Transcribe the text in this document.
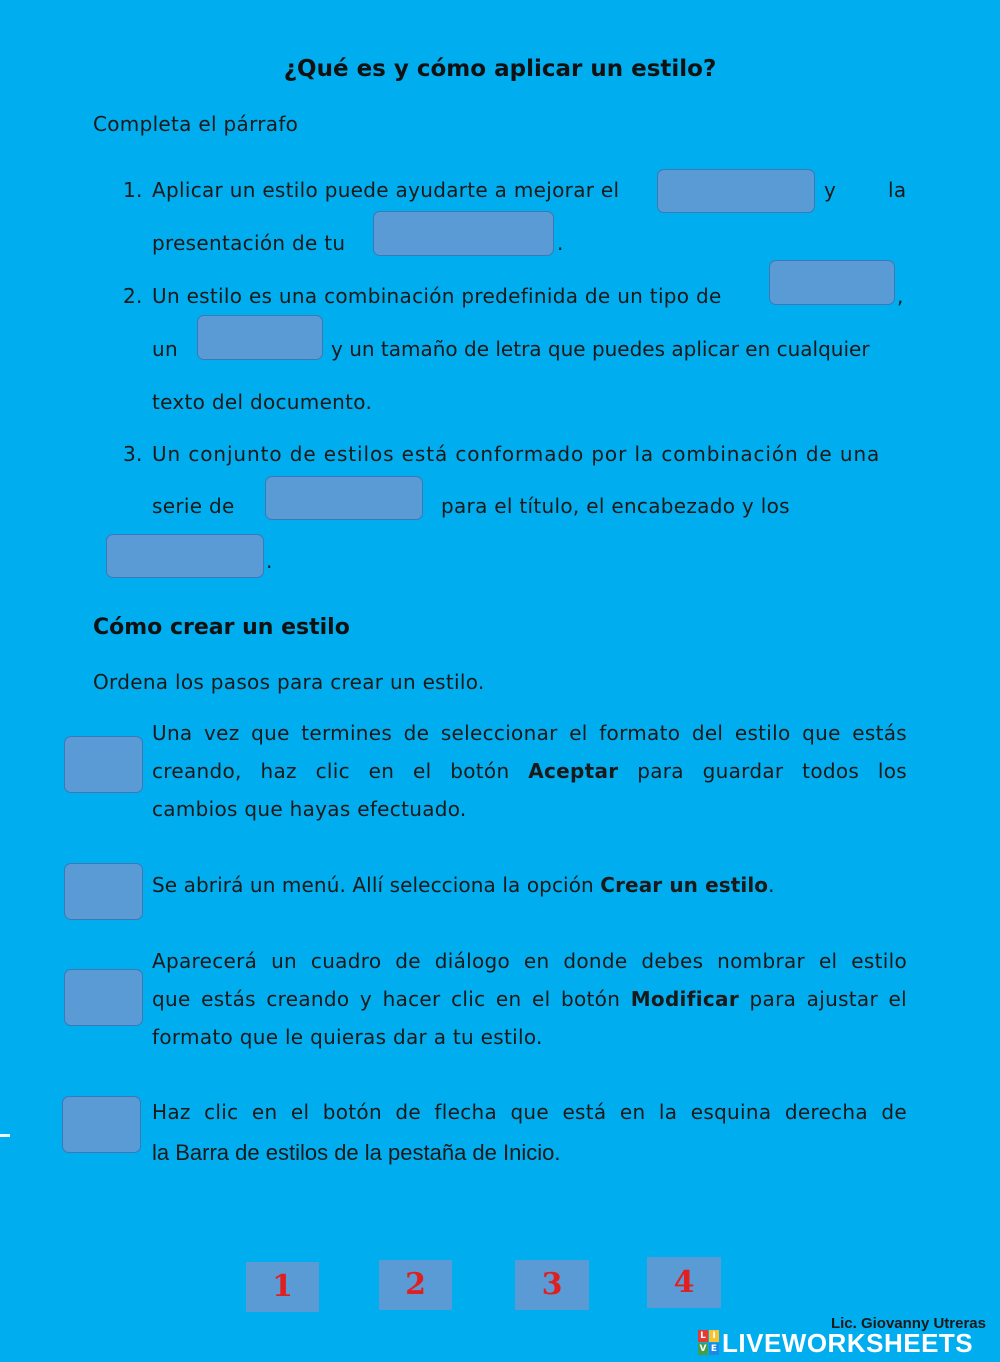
¿Qué es y cómo aplicar un estilo?
Completa el párrafo
1. Aplicar un estilo puede ayudarte a mejorar el	y	la
presentación de tu	.
2. Un estilo es una combinación predefinida de un tipo de	,
un	y un tamaño de letra que puedes aplicar en cualquier
texto del documento.
3. Un conjunto de estilos está conformado por la combinación de una
serie de	para el título, el encabezado y los
.
Cómo crear un estilo
Ordena los pasos para crear un estilo.
Una vez que termines de seleccionar el formato del estilo que estás
creando, haz clic en el botón Aceptar para guardar todos los
cambios que hayas efectuado.
Se abrirá un menú. Allí selecciona la opción Crear un estilo.
Aparecerá un cuadro de diálogo en donde debes nombrar el estilo
que estás creando y hacer clic en el botón Modificar para ajustar el
formato que le quieras dar a tu estilo.
Haz clic en el botón de flecha que está en la esquina derecha de
la Barra de estilos de la pestaña de Inicio.
1	2	3	4
Lic. Giovanny Utreras
L I
V E LIVEWORKSHEETS
